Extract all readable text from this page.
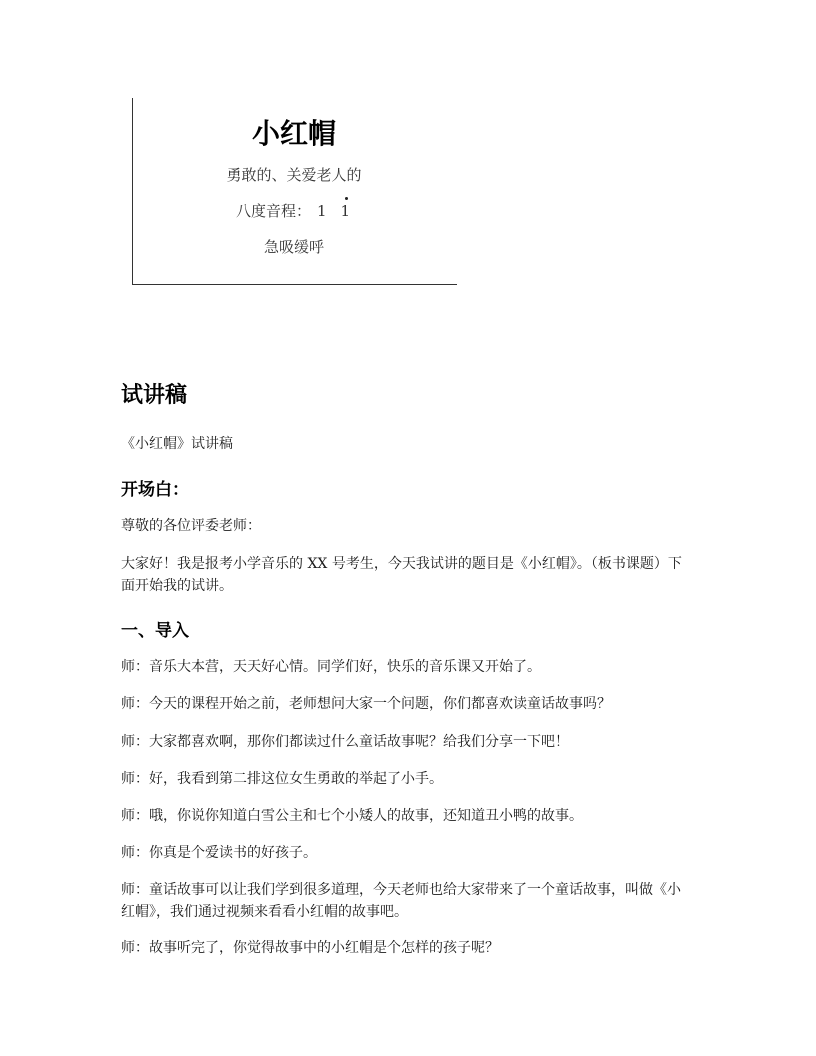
小红帽
勇敢的、关爱老人的
八度音程： 1 1
急吸缓呼
试讲稿

《小红帽》试讲稿

开场白：

尊敬的各位评委老师：

大家好！我是报考小学音乐的 XX 号考生，今天我试讲的题目是《小红帽》。（板书课题）下面开始我的试讲。

一、导入

师：音乐大本营，天天好心情。同学们好，快乐的音乐课又开始了。

师：今天的课程开始之前，老师想问大家一个问题，你们都喜欢读童话故事吗？

师：大家都喜欢啊，那你们都读过什么童话故事呢？给我们分享一下吧！

师：好，我看到第二排这位女生勇敢的举起了小手。

师：哦，你说你知道白雪公主和七个小矮人的故事，还知道丑小鸭的故事。

师：你真是个爱读书的好孩子。

师：童话故事可以让我们学到很多道理，今天老师也给大家带来了一个童话故事，叫做《小红帽》，我们通过视频来看看小红帽的故事吧。

师：故事听完了，你觉得故事中的小红帽是个怎样的孩子呢？
